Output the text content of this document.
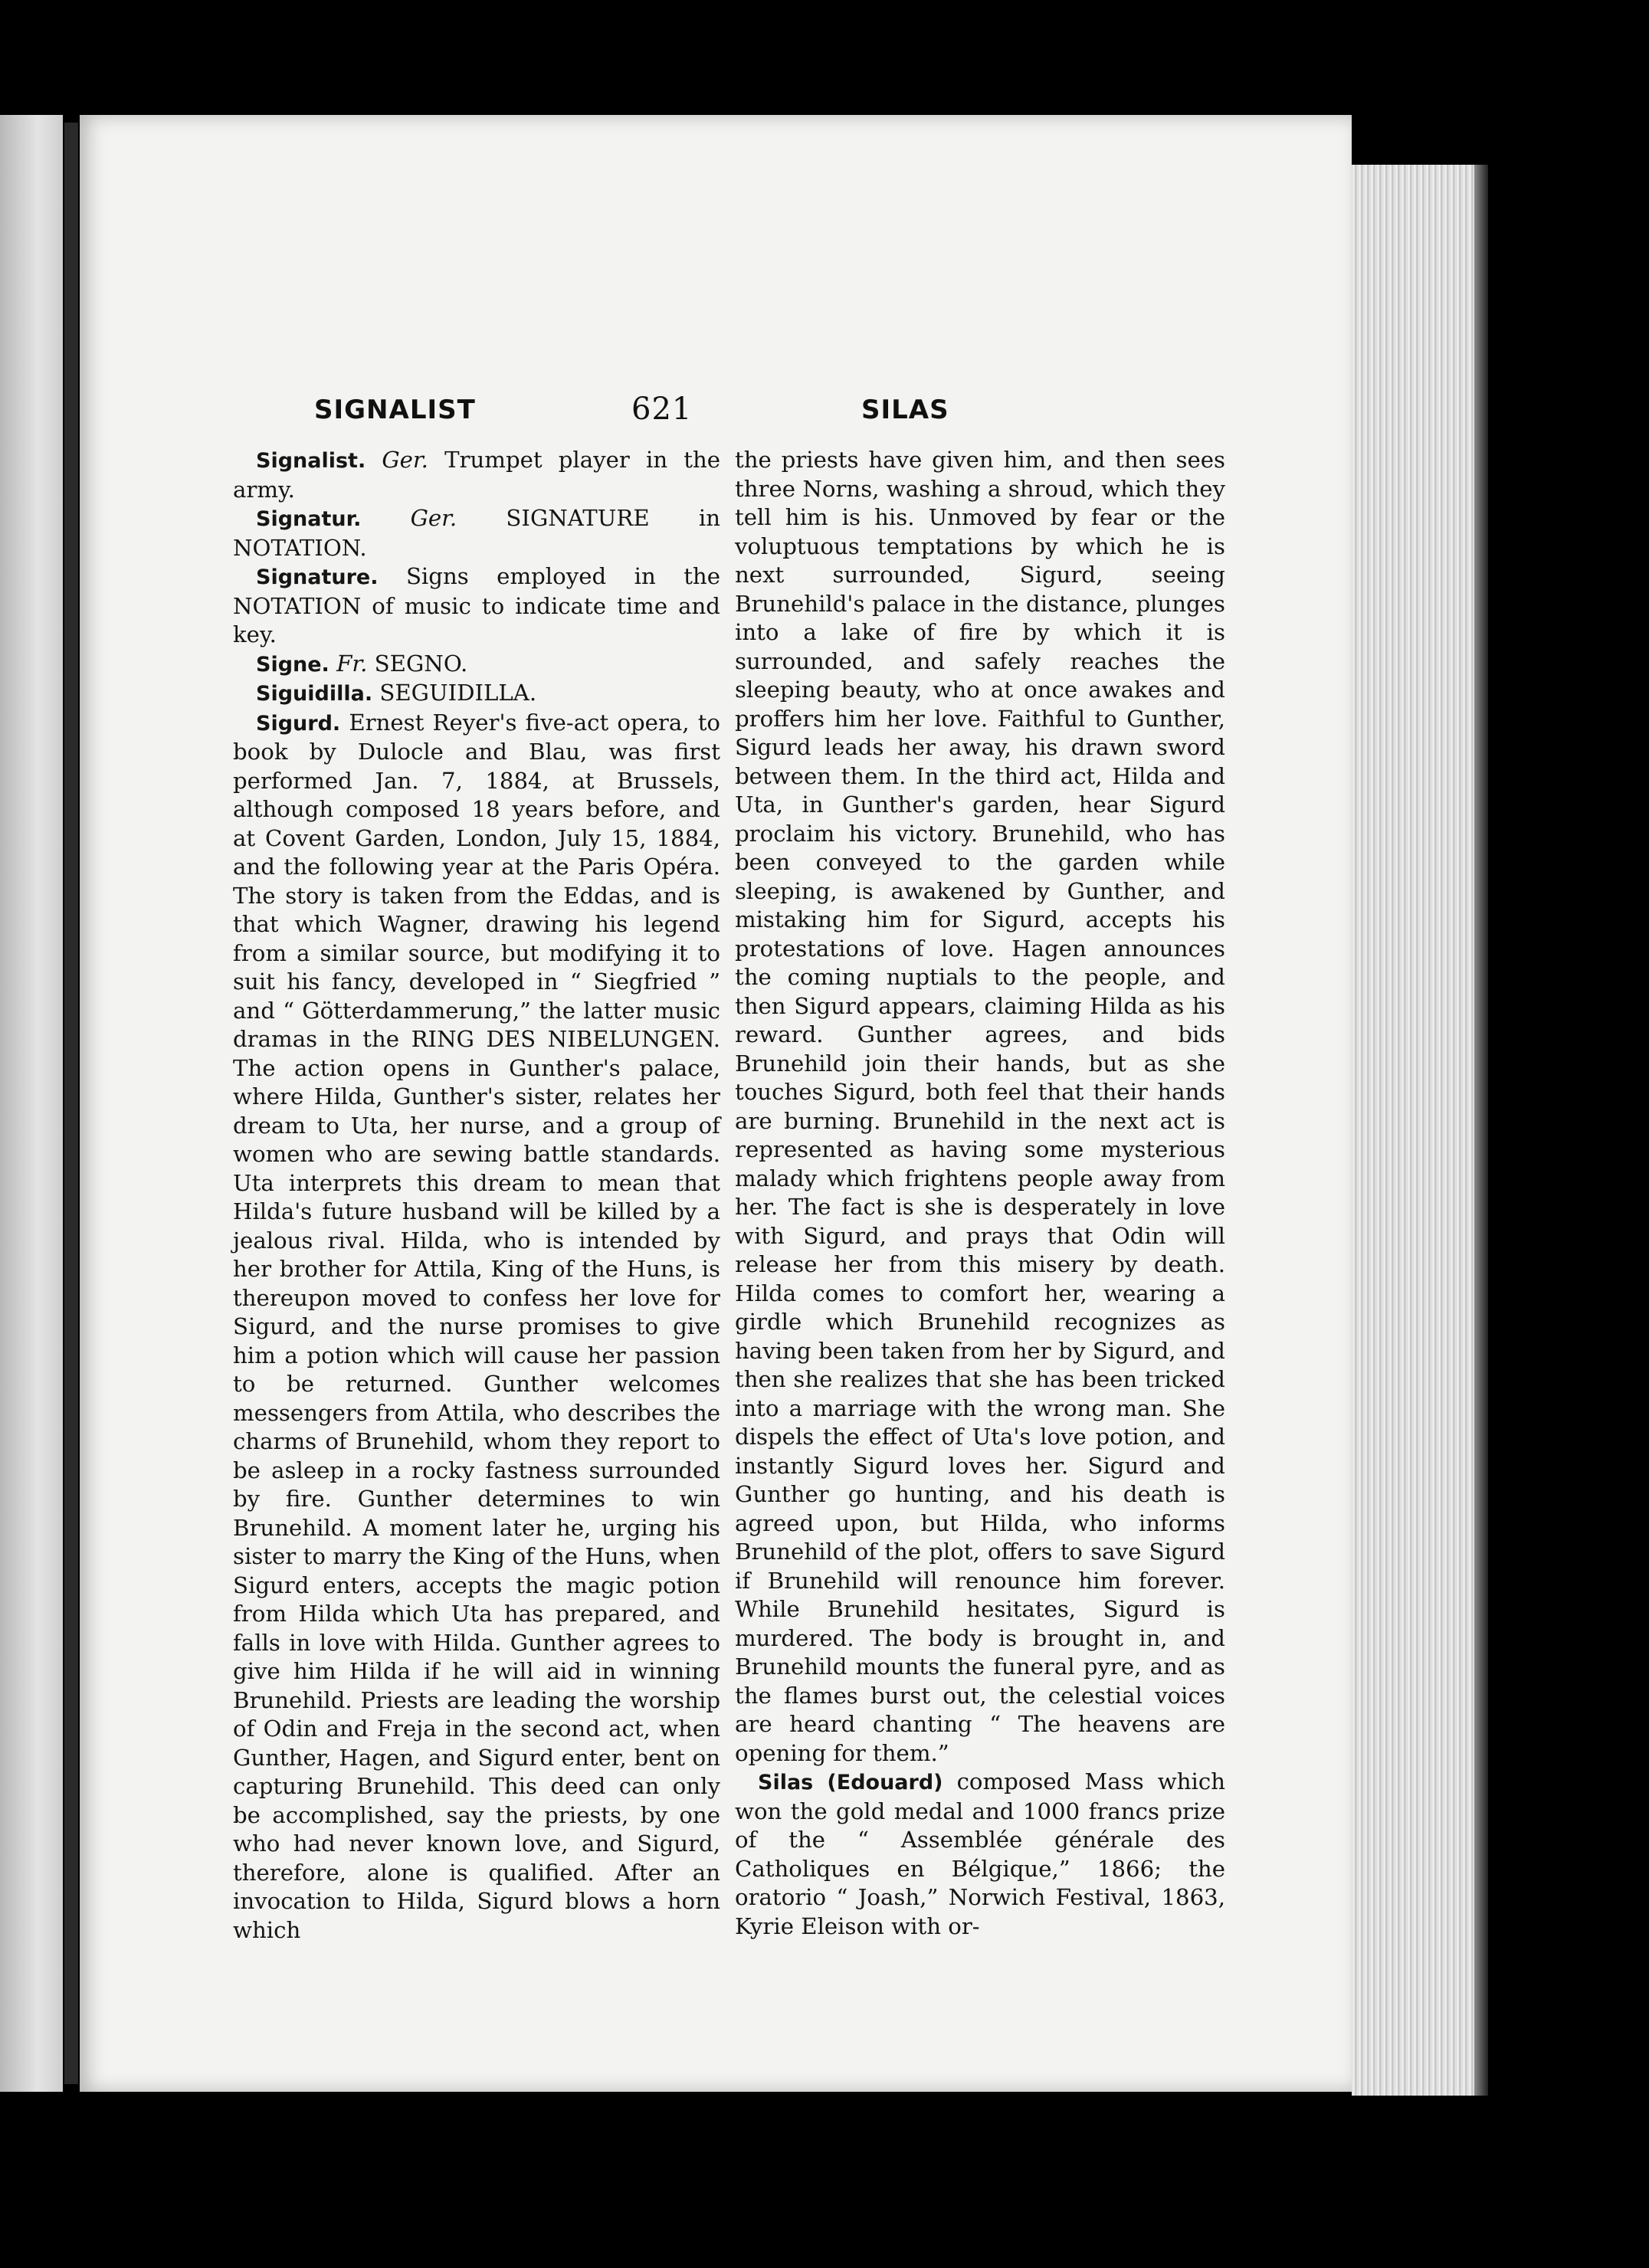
SIGNALIST	621	SILAS

Signalist. Ger. Trumpet player in the army.

Signatur. Ger. SIGNATURE in NOTATION.

Signature. Signs employed in the NOTATION of music to indicate time and key.

Signe. Fr. SEGNO.

Siguidilla. SEGUIDILLA.

Sigurd. Ernest Reyer's five-act opera, to book by Dulocle and Blau, was first performed Jan. 7, 1884, at Brussels, although composed 18 years before, and at Covent Garden, London, July 15, 1884, and the following year at the Paris Opéra. The story is taken from the Eddas, and is that which Wagner, drawing his legend from a similar source, but modifying it to suit his fancy, developed in “ Siegfried ” and “ Götterdammerung,” the latter music dramas in the RING DES NIBELUNGEN. The action opens in Gunther's palace, where Hilda, Gunther's sister, relates her dream to Uta, her nurse, and a group of women who are sewing battle standards. Uta interprets this dream to mean that Hilda's future husband will be killed by a jealous rival. Hilda, who is intended by her brother for Attila, King of the Huns, is thereupon moved to confess her love for Sigurd, and the nurse promises to give him a potion which will cause her passion to be returned. Gunther welcomes messengers from Attila, who describes the charms of Brunehild, whom they report to be asleep in a rocky fastness surrounded by fire. Gunther determines to win Brunehild. A moment later he, urging his sister to marry the King of the Huns, when Sigurd enters, accepts the magic potion from Hilda which Uta has prepared, and falls in love with Hilda. Gunther agrees to give him Hilda if he will aid in winning Brunehild. Priests are leading the worship of Odin and Freja in the second act, when Gunther, Hagen, and Sigurd enter, bent on capturing Brunehild. This deed can only be accomplished, say the priests, by one who had never known love, and Sigurd, therefore, alone is qualified. After an invocation to Hilda, Sigurd blows a horn which

the priests have given him, and then sees three Norns, washing a shroud, which they tell him is his. Unmoved by fear or the voluptuous temptations by which he is next surrounded, Sigurd, seeing Brunehild's palace in the distance, plunges into a lake of fire by which it is surrounded, and safely reaches the sleeping beauty, who at once awakes and proffers him her love. Faithful to Gunther, Sigurd leads her away, his drawn sword between them. In the third act, Hilda and Uta, in Gunther's garden, hear Sigurd proclaim his victory. Brunehild, who has been conveyed to the garden while sleeping, is awakened by Gunther, and mistaking him for Sigurd, accepts his protestations of love. Hagen announces the coming nuptials to the people, and then Sigurd appears, claiming Hilda as his reward. Gunther agrees, and bids Brunehild join their hands, but as she touches Sigurd, both feel that their hands are burning. Brunehild in the next act is represented as having some mysterious malady which frightens people away from her. The fact is she is desperately in love with Sigurd, and prays that Odin will release her from this misery by death. Hilda comes to comfort her, wearing a girdle which Brunehild recognizes as having been taken from her by Sigurd, and then she realizes that she has been tricked into a marriage with the wrong man. She dispels the effect of Uta's love potion, and instantly Sigurd loves her. Sigurd and Gunther go hunting, and his death is agreed upon, but Hilda, who informs Brunehild of the plot, offers to save Sigurd if Brunehild will renounce him forever. While Brunehild hesitates, Sigurd is murdered. The body is brought in, and Brunehild mounts the funeral pyre, and as the flames burst out, the celestial voices are heard chanting “ The heavens are opening for them.”

Silas (Edouard) composed Mass which won the gold medal and 1000 francs prize of the “ Assemblée générale des Catholiques en Bélgique,” 1866; the oratorio “ Joash,” Norwich Festival, 1863, Kyrie Eleison with or-
